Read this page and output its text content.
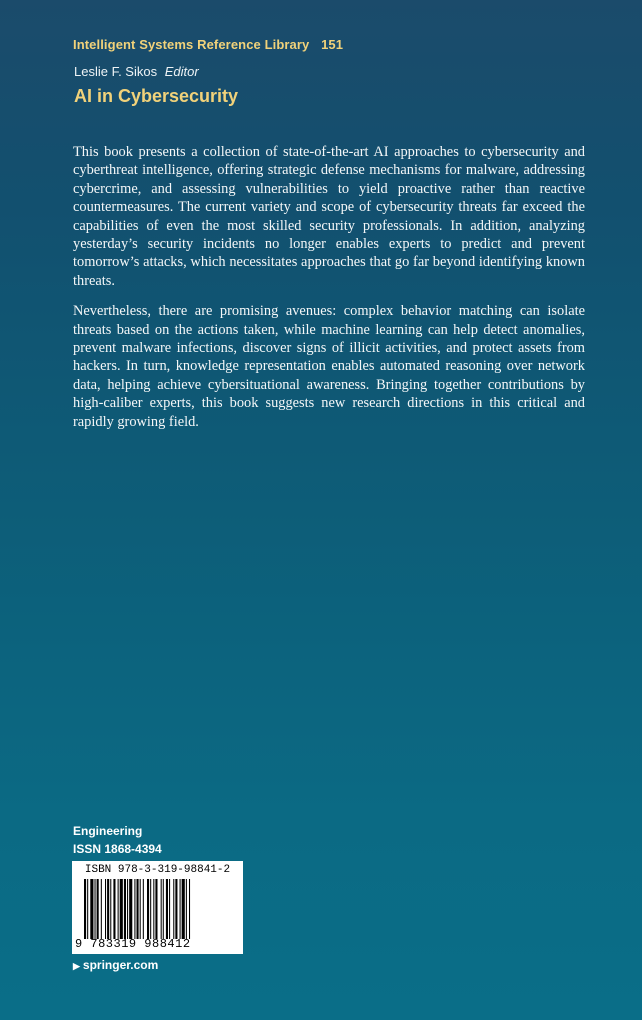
Intelligent Systems Reference Library 151
Leslie F. Sikos Editor
AI in Cybersecurity

This book presents a collection of state-of-the-art AI approaches to cybersecurity and cyberthreat intelligence, offering strategic defense mechanisms for malware, addressing cybercrime, and assessing vulnerabilities to yield proactive rather than reactive countermeasures. The current variety and scope of cybersecurity threats far exceed the capabilities of even the most skilled security professionals. In addition, analyzing yesterday’s security incidents no longer enables experts to predict and prevent tomorrow’s attacks, which necessitates approaches that go far beyond identifying known threats.

Nevertheless, there are promising avenues: complex behavior matching can isolate threats based on the actions taken, while machine learning can help detect anomalies, prevent malware infections, discover signs of illicit activities, and protect assets from hackers. In turn, knowledge representation enables automated reasoning over network data, helping achieve cybersituational awareness. Bringing together contributions by high-caliber experts, this book suggests new research directions in this critical and rapidly growing field.

Engineering
ISSN 1868-4394
ISBN 978-3-319-98841-2
9 783319 988412
▶ springer.com
